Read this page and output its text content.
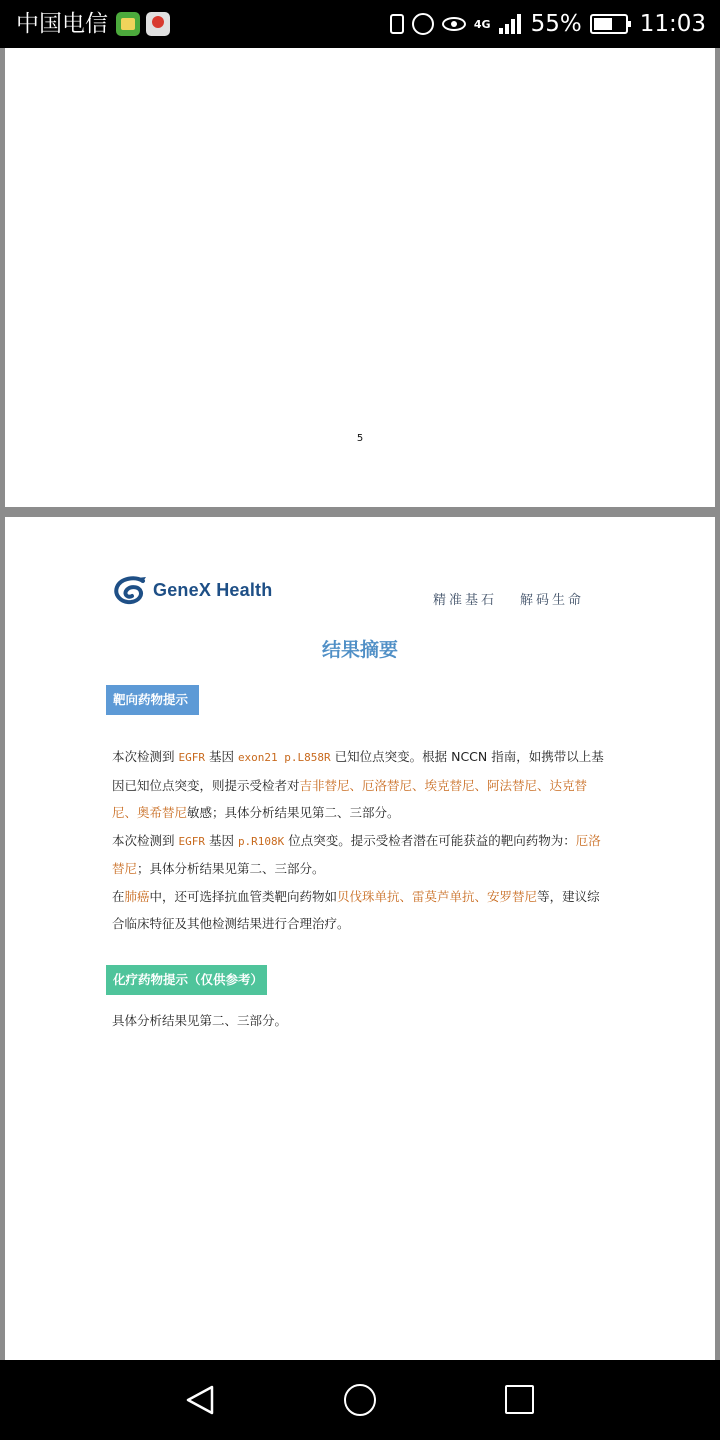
中国电信	4G 55%	11:03
5
GeneX Health
精准基石 解码生命
结果摘要
靶向药物提示

本次检测到 EGFR 基因 exon21 p.L858R 已知位点突变。根据 NCCN 指南，如携带以上基因已知位点突变，则提示受检者对吉非替尼、厄洛替尼、埃克替尼、阿法替尼、达克替尼、奥希替尼敏感；具体分析结果见第二、三部分。

本次检测到 EGFR 基因 p.R108K 位点突变。提示受检者潜在可能获益的靶向药物为：厄洛替尼；具体分析结果见第二、三部分。

在肺癌中，还可选择抗血管类靶向药物如贝伐珠单抗、雷莫芦单抗、安罗替尼等，建议综合临床特征及其他检测结果进行合理治疗。

化疗药物提示（仅供参考）
具体分析结果见第二、三部分。
